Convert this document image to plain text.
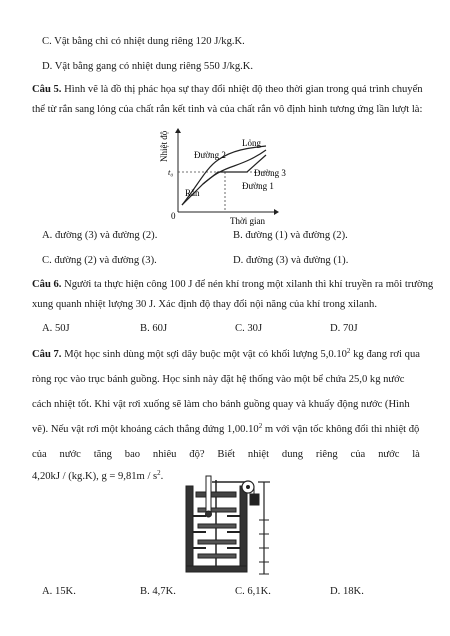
C. Vật bằng chì có nhiệt dung riêng 120 J/kg.K.
D. Vật bằng gang có nhiệt dung riêng 550 J/kg.K.
Câu 5. Hình vẽ là đồ thị phác họa sự thay đổi nhiệt độ theo thời gian trong quá trình chuyển
thể từ rắn sang lỏng của chất rắn kết tinh và của chất rắn vô định hình tương ứng lần lượt là:
Nhiệt độ
Thời gian
0
t₀
Đường 2
Lỏng
Đường 3
Đường 1
Rắn
A. đường (3) và đường (2).	B. đường (1) và đường (2).
C. đường (2) và đường (3).	D. đường (3) và đường (1).
Câu 6. Người ta thực hiện công 100 J để nén khí trong một xilanh thì khí truyền ra môi trường
xung quanh nhiệt lượng 30 J. Xác định độ thay đổi nội năng của khí trong xilanh.
A. 50J	B. 60J	C. 30J	D. 70J
Câu 7. Một học sinh dùng một sợi dây buộc một vật có khối lượng 5,0.10$^2$ kg đang rơi qua
ròng rọc vào trục bánh guồng. Học sinh này đặt hệ thống vào một bể chứa 25,0 kg nước
cách nhiệt tốt. Khi vật rơi xuống sẽ làm cho bánh guồng quay và khuấy động nước (Hình
vẽ). Nếu vật rơi một khoảng cách thẳng đứng 1,00.10$^2$ m với vận tốc không đổi thì nhiệt độ
của nước tăng bao nhiêu độ? Biết nhiệt dung riêng của nước là
4,20kJ / (kg.K), $g = 9,81m / s^2$.
A. 15K.	B. 4,7K.	C. 6,1K.	D. 18K.
